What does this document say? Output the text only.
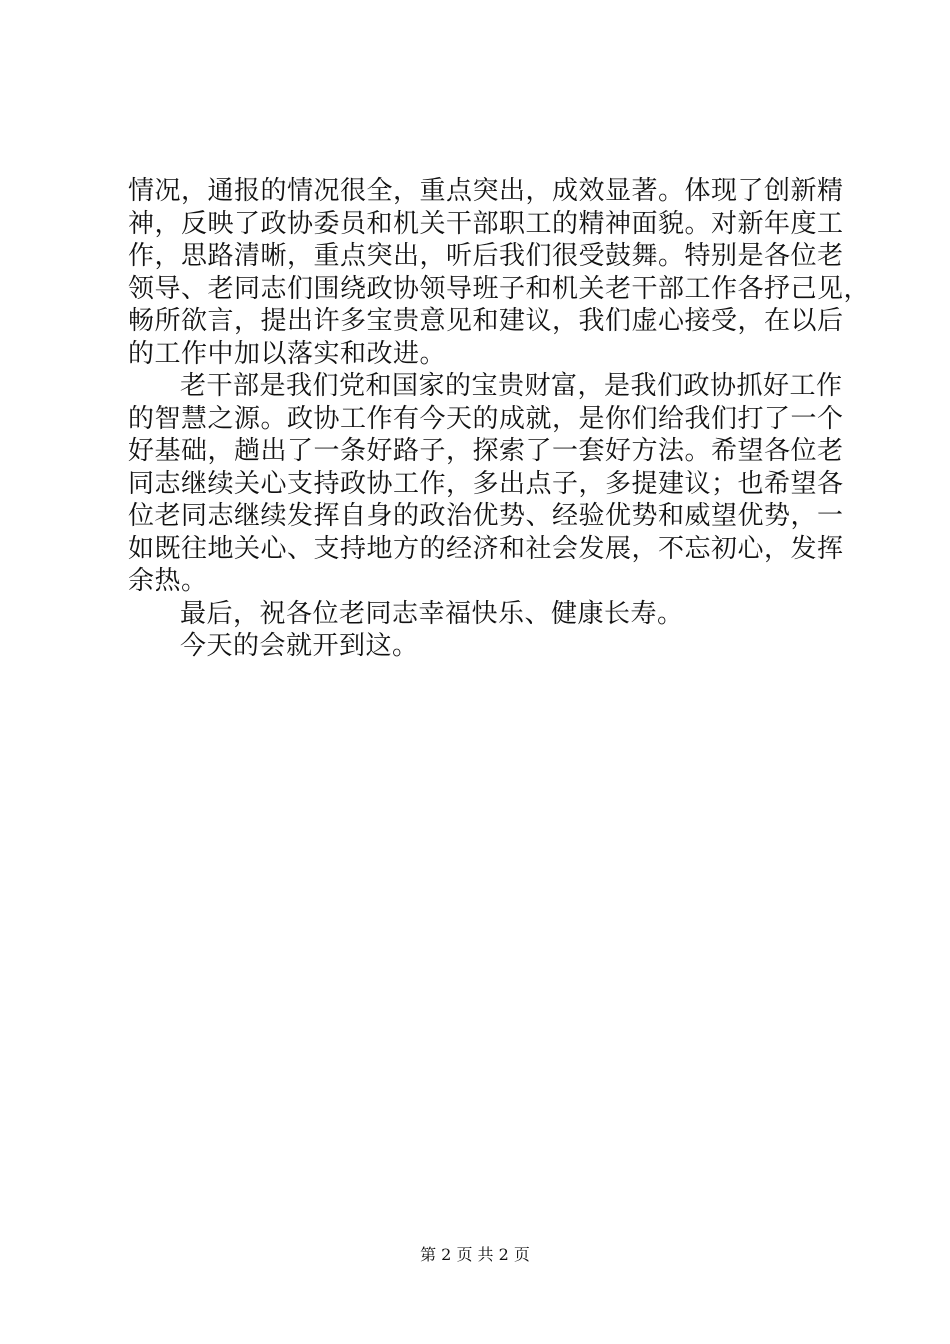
情况，通报的情况很全，重点突出，成效显著。体现了创新精
神，反映了政协委员和机关干部职工的精神面貌。对新年度工
作，思路清晰，重点突出，听后我们很受鼓舞。特别是各位老
领导、老同志们围绕政协领导班子和机关老干部工作各抒己见，
畅所欲言，提出许多宝贵意见和建议，我们虚心接受，在以后
的工作中加以落实和改进。
老干部是我们党和国家的宝贵财富，是我们政协抓好工作
的智慧之源。政协工作有今天的成就，是你们给我们打了一个
好基础，趟出了一条好路子，探索了一套好方法。希望各位老
同志继续关心支持政协工作，多出点子，多提建议；也希望各
位老同志继续发挥自身的政治优势、经验优势和威望优势，一
如既往地关心、支持地方的经济和社会发展，不忘初心，发挥
余热。
最后，祝各位老同志幸福快乐、健康长寿。
今天的会就开到这。
第 2 页 共 2 页
